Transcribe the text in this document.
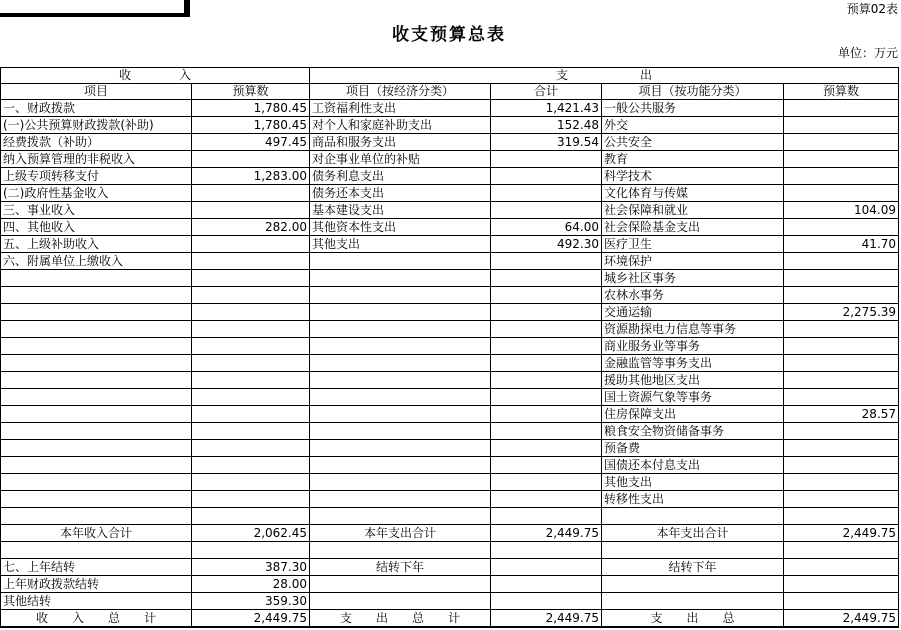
预算02表
收支预算总表
单位：万元
收　　　　入		支　　　　　　出			
项目	预算数	项目（按经济分类）	合计	项目（按功能分类）	预算数
一、财政拨款	1,780.45	工资福利性支出	1,421.43	一般公共服务	
(一)公共预算财政拨款(补助)	1,780.45	对个人和家庭补助支出	152.48	外交	
经费拨款（补助）	497.45	商品和服务支出	319.54	公共安全	
纳入预算管理的非税收入		对企事业单位的补贴		教育	
上级专项转移支付	1,283.00	债务利息支出		科学技术	
(二)政府性基金收入		债务还本支出		文化体育与传媒	
三、事业收入		基本建设支出		社会保障和就业	104.09
四、其他收入	282.00	其他资本性支出	64.00	社会保险基金支出	
五、上级补助收入		其他支出	492.30	医疗卫生	41.70
六、附属单位上缴收入				环境保护	
				城乡社区事务	
				农林水事务	
				交通运输	2,275.39
				资源勘探电力信息等事务	
				商业服务业等事务	
				金融监管等事务支出	
				援助其他地区支出	
				国土资源气象等事务	
				住房保障支出	28.57
				粮食安全物资储备事务	
				预备费	
				国债还本付息支出	
				其他支出	
				转移性支出	

本年收入合计	2,062.45	本年支出合计	2,449.75	本年支出合计	2,449.75

七、上年结转	387.30	结转下年		结转下年	
上年财政拨款结转	28.00				
其他结转	359.30				
收　　入　　总　　计	2,449.75	支　　出　　总　　计	2,449.75	支　　出　　总	2,449.75
